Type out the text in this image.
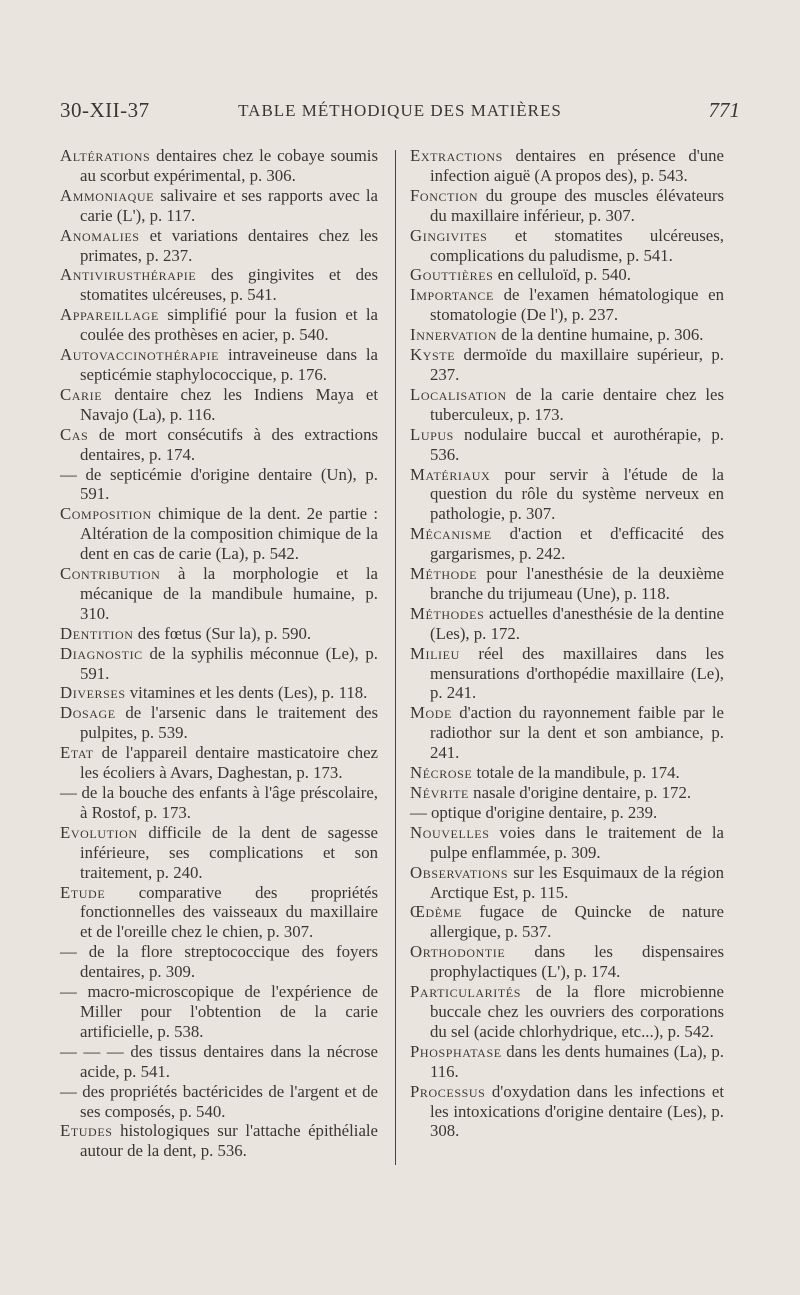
30-XII-37	TABLE MÉTHODIQUE DES MATIÈRES	771

Altérations dentaires chez le cobaye soumis au scorbut expérimental, p. 306.

Ammoniaque salivaire et ses rapports avec la carie (L'), p. 117.

Anomalies et variations dentaires chez les primates, p. 237.

Antivirusthérapie des gingivites et des stomatites ulcéreuses, p. 541.

Appareillage simplifié pour la fusion et la coulée des prothèses en acier, p. 540.

Autovaccinothérapie intraveineuse dans la septicémie staphylococcique, p. 176.

Carie dentaire chez les Indiens Maya et Navajo (La), p. 116.

Cas de mort consécutifs à des extractions dentaires, p. 174.

— de septicémie d'origine dentaire (Un), p. 591.

Composition chimique de la dent. 2e partie : Altération de la composition chimique de la dent en cas de carie (La), p. 542.

Contribution à la morphologie et la mécanique de la mandibule humaine, p. 310.

Dentition des fœtus (Sur la), p. 590.

Diagnostic de la syphilis méconnue (Le), p. 591.

Diverses vitamines et les dents (Les), p. 118.

Dosage de l'arsenic dans le traitement des pulpites, p. 539.

Etat de l'appareil dentaire masticatoire chez les écoliers à Avars, Daghestan, p. 173.

— de la bouche des enfants à l'âge préscolaire, à Rostof, p. 173.

Evolution difficile de la dent de sagesse inférieure, ses complications et son traitement, p. 240.

Etude comparative des propriétés fonctionnelles des vaisseaux du maxillaire et de l'oreille chez le chien, p. 307.

— de la flore streptococcique des foyers dentaires, p. 309.

— macro-microscopique de l'expérience de Miller pour l'obtention de la carie artificielle, p. 538.

— — — des tissus dentaires dans la nécrose acide, p. 541.

— des propriétés bactéricides de l'argent et de ses composés, p. 540.

Etudes histologiques sur l'attache épithéliale autour de la dent, p. 536.

Extractions dentaires en présence d'une infection aiguë (A propos des), p. 543.

Fonction du groupe des muscles élévateurs du maxillaire inférieur, p. 307.

Gingivites et stomatites ulcéreuses, complications du paludisme, p. 541.

Gouttières en celluloïd, p. 540.

Importance de l'examen hématologique en stomatologie (De l'), p. 237.

Innervation de la dentine humaine, p. 306.

Kyste dermoïde du maxillaire supérieur, p. 237.

Localisation de la carie dentaire chez les tuberculeux, p. 173.

Lupus nodulaire buccal et aurothérapie, p. 536.

Matériaux pour servir à l'étude de la question du rôle du système nerveux en pathologie, p. 307.

Mécanisme d'action et d'efficacité des gargarismes, p. 242.

Méthode pour l'anesthésie de la deuxième branche du trijumeau (Une), p. 118.

Méthodes actuelles d'anesthésie de la dentine (Les), p. 172.

Milieu réel des maxillaires dans les mensurations d'orthopédie maxillaire (Le), p. 241.

Mode d'action du rayonnement faible par le radiothor sur la dent et son ambiance, p. 241.

Nécrose totale de la mandibule, p. 174.

Névrite nasale d'origine dentaire, p. 172.

— optique d'origine dentaire, p. 239.

Nouvelles voies dans le traitement de la pulpe enflammée, p. 309.

Observations sur les Esquimaux de la région Arctique Est, p. 115.

Œdème fugace de Quincke de nature allergique, p. 537.

Orthodontie dans les dispensaires prophylactiques (L'), p. 174.

Particularités de la flore microbienne buccale chez les ouvriers des corporations du sel (acide chlorhydrique, etc...), p. 542.

Phosphatase dans les dents humaines (La), p. 116.

Processus d'oxydation dans les infections et les intoxications d'origine dentaire (Les), p. 308.
